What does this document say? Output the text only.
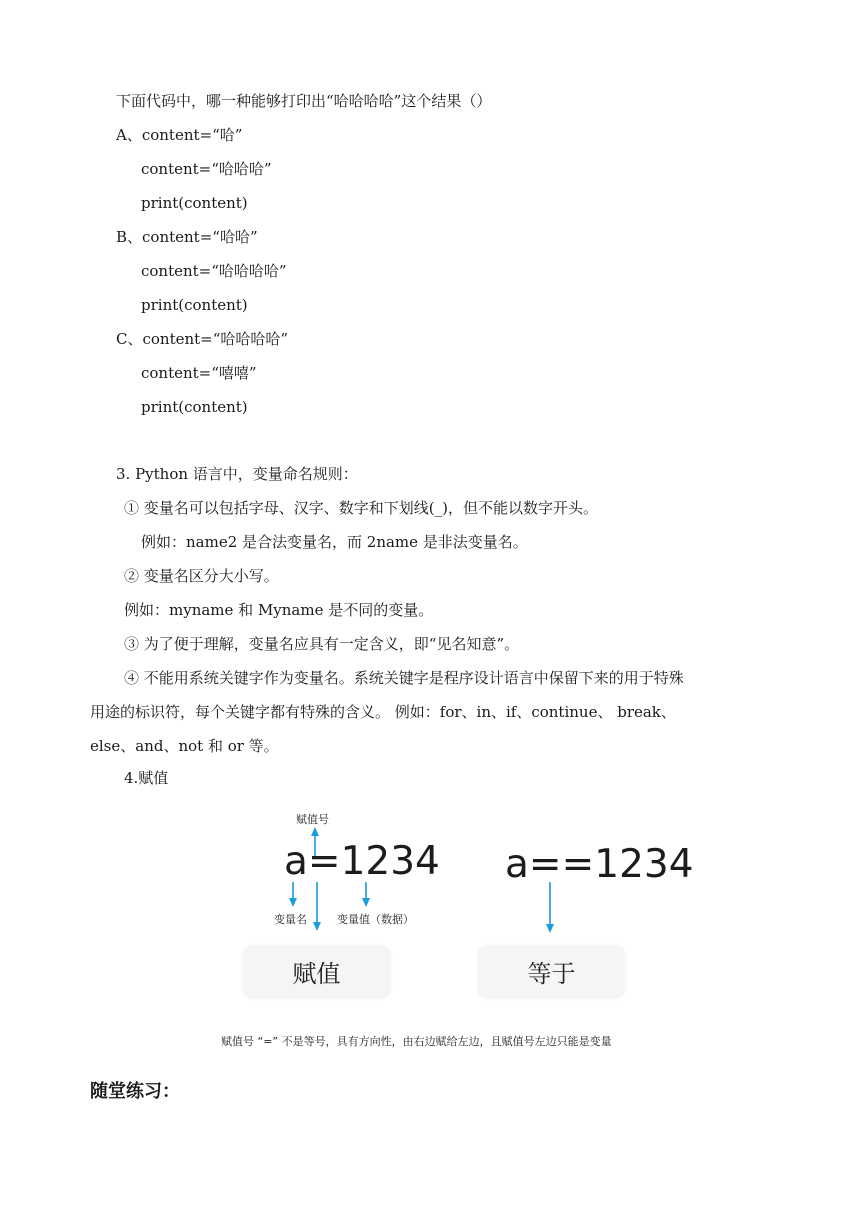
下面代码中，哪一种能够打印出“哈哈哈哈”这个结果（）
A、content=“哈”
content=“哈哈哈”
print(content)
B、content=“哈哈”
content=“哈哈哈哈”
print(content)
C、content=“哈哈哈哈”
content=“嘻嘻”
print(content)
3. Python 语言中，变量命名规则：
① 变量名可以包括字母、汉字、数字和下划线(_)，但不能以数字开头。
例如：name2 是合法变量名，而 2name 是非法变量名。
② 变量名区分大小写。
例如：myname 和 Myname 是不同的变量。
③ 为了便于理解，变量名应具有一定含义，即“见名知意”。
④ 不能用系统关键字作为变量名。系统关键字是程序设计语言中保留下来的用于特殊
用途的标识符，每个关键字都有特殊的含义。 例如：for、in、if、continue、 break、
else、and、not 和 or 等。
4.赋值
赋值号
a=1234
变量名	变量值（数据）
a==1234
赋值	等于
赋值号 “=” 不是等号，具有方向性，由右边赋给左边，且赋值号左边只能是变量
随堂练习：
